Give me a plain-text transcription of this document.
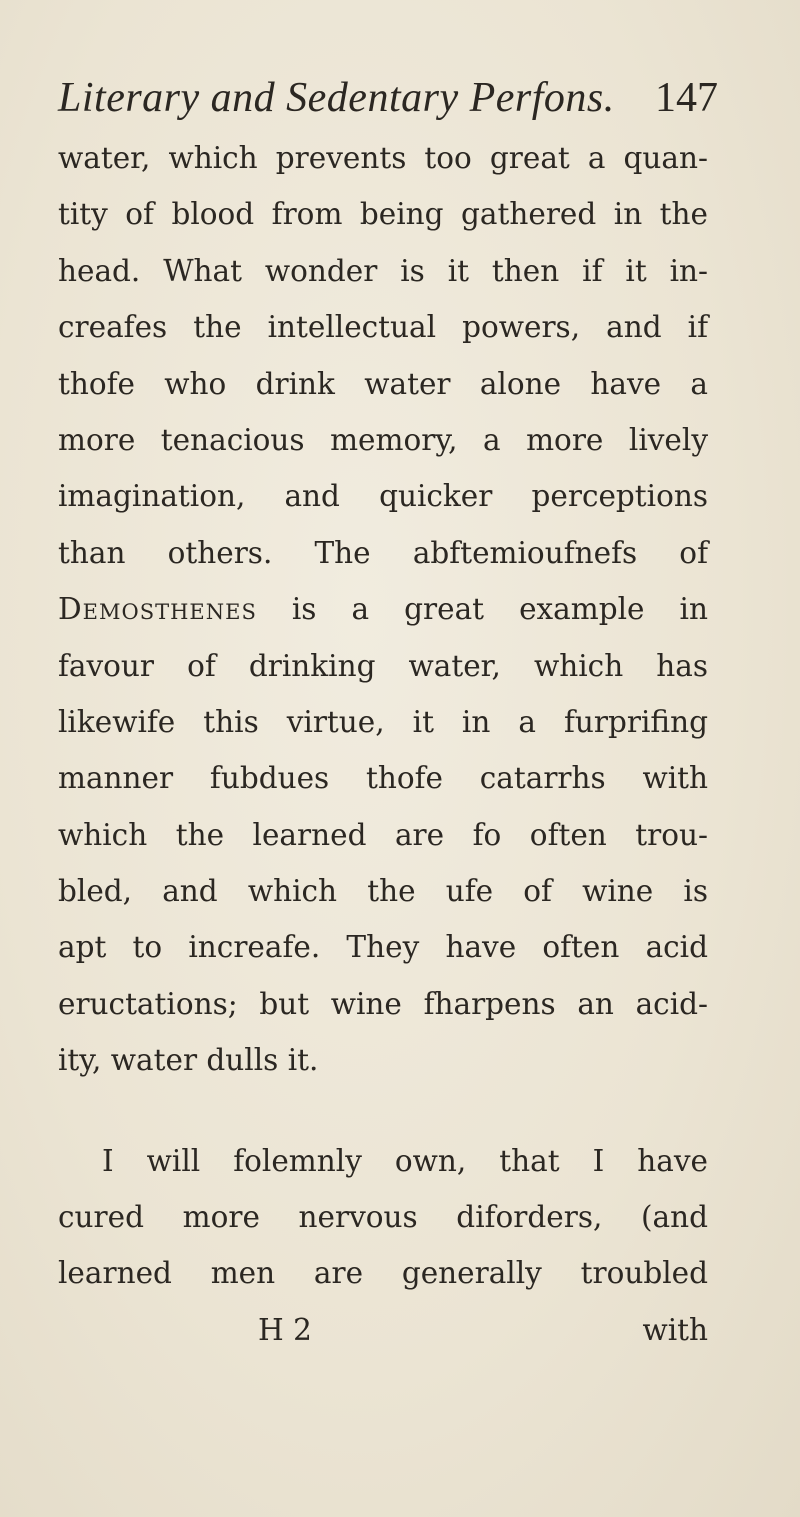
Literary and Sedentary Perfons. 147
water, which prevents too great a quan-
tity of blood from being gathered in the
head. What wonder is it then if it in-
creafes the intellectual powers, and if
thofe who drink water alone have a
more tenacious memory, a more lively
imagination, and quicker perceptions
than others. The abftemioufnefs of
Demosthenes is a great example in
favour of drinking water, which has
likewife this virtue, it in a furprifing
manner fubdues thofe catarrhs with
which the learned are fo often trou-
bled, and which the ufe of wine is
apt to increafe. They have often acid
eructations; but wine fharpens an acid-
ity, water dulls it.
I will folemnly own, that I have
cured more nervous diforders, (and
learned men are generally troubled
H 2	with
